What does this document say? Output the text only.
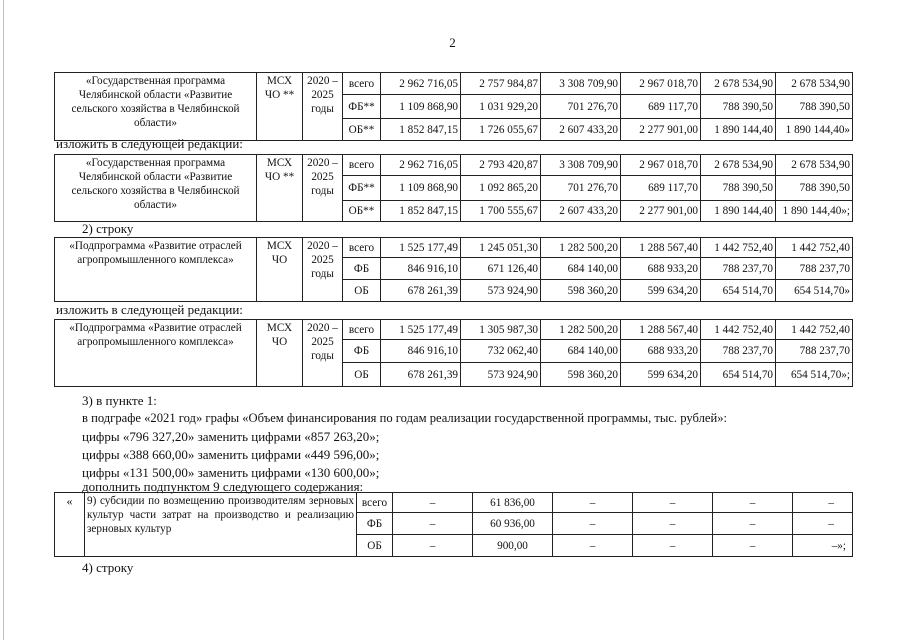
2
«Государственная программа Челябинской области «Развитие сельского хозяйства в Челябинской области»	МСХ ЧО **	2020 – 2025 годы	всего	2 962 716,05	2 757 984,87	3 308 709,90	2 967 018,70	2 678 534,90	2 678 534,90
			ФБ**	1 109 868,90	1 031 929,20	701 276,70	689 117,70	788 390,50	788 390,50
			ОБ**	1 852 847,15	1 726 055,67	2 607 433,20	2 277 901,00	1 890 144,40	1 890 144,40»
изложить в следующей редакции:
«Государственная программа Челябинской области «Развитие сельского хозяйства в Челябинской области»	МСХ ЧО **	2020 – 2025 годы	всего	2 962 716,05	2 793 420,87	3 308 709,90	2 967 018,70	2 678 534,90	2 678 534,90
			ФБ**	1 109 868,90	1 092 865,20	701 276,70	689 117,70	788 390,50	788 390,50
			ОБ**	1 852 847,15	1 700 555,67	2 607 433,20	2 277 901,00	1 890 144,40	1 890 144,40»;
2) строку
«Подпрограмма «Развитие отраслей агропромышленного комплекса»	МСХ ЧО	2020 – 2025 годы	всего	1 525 177,49	1 245 051,30	1 282 500,20	1 288 567,40	1 442 752,40	1 442 752,40
			ФБ	846 916,10	671 126,40	684 140,00	688 933,20	788 237,70	788 237,70
			ОБ	678 261,39	573 924,90	598 360,20	599 634,20	654 514,70	654 514,70»
изложить в следующей редакции:
«Подпрограмма «Развитие отраслей агропромышленного комплекса»	МСХ ЧО	2020 – 2025 годы	всего	1 525 177,49	1 305 987,30	1 282 500,20	1 288 567,40	1 442 752,40	1 442 752,40
			ФБ	846 916,10	732 062,40	684 140,00	688 933,20	788 237,70	788 237,70
			ОБ	678 261,39	573 924,90	598 360,20	599 634,20	654 514,70	654 514,70»;
3) в пункте 1:
в подграфе «2021 год» графы «Объем финансирования по годам реализации государственной программы, тыс. рублей»:
цифры «796 327,20» заменить цифрами «857 263,20»;
цифры «388 660,00» заменить цифрами «449 596,00»;
цифры «131 500,00» заменить цифрами «130 600,00»;
дополнить подпунктом 9 следующего содержания:
«	9) субсидии по возмещению производителям зерновых культур части затрат на производство и реализацию зерновых культур	всего	–	61 836,00	–	–	–	–
		ФБ	–	60 936,00	–	–	–	–
		ОБ	–	900,00	–	–	–	–»;
4) строку
